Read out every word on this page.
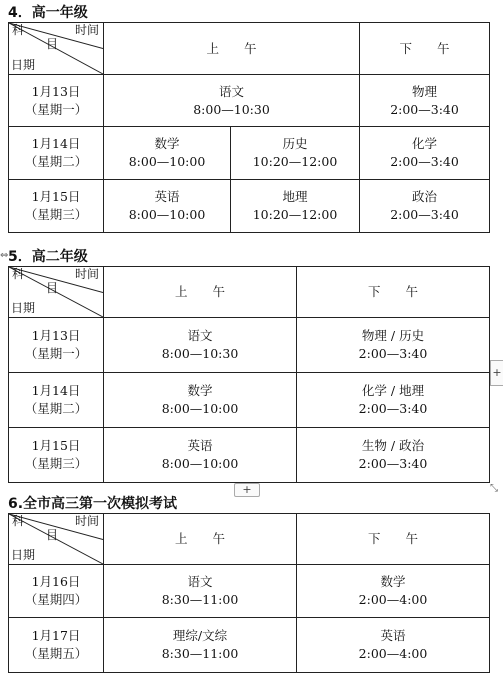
4．高一年级
科 时间
目
日期	上　　午		下　　午

1月13日
（星期一）	语文
8:00—10:30		物理
2:00—3:40

1月14日
（星期二）	数学
8:00—10:00	历史
10:20—12:00	化学
2:00—3:40

1月15日
（星期三）	英语
8:00—10:00	地理
10:20—12:00	政治
2:00—3:40
⇔ 5．高二年级
科 时间
目
日期	上　　午	下　　午

1月13日
（星期一）	语文
8:00—10:30	物理 / 历史
2:00—3:40

1月14日
（星期二）	数学
8:00—10:00	化学 / 地理
2:00—3:40

1月15日
（星期三）	英语
8:00—10:00	生物 / 政治
2:00—3:40
+
+	⤡
6.全市高三第一次模拟考试
科 时间
目
日期	上　　午	下　　午

1月16日
（星期四）	语文
8:30—11:00	数学
2:00—4:00

1月17日
（星期五）	理综/文综
8:30—11:00	英语
2:00—4:00
